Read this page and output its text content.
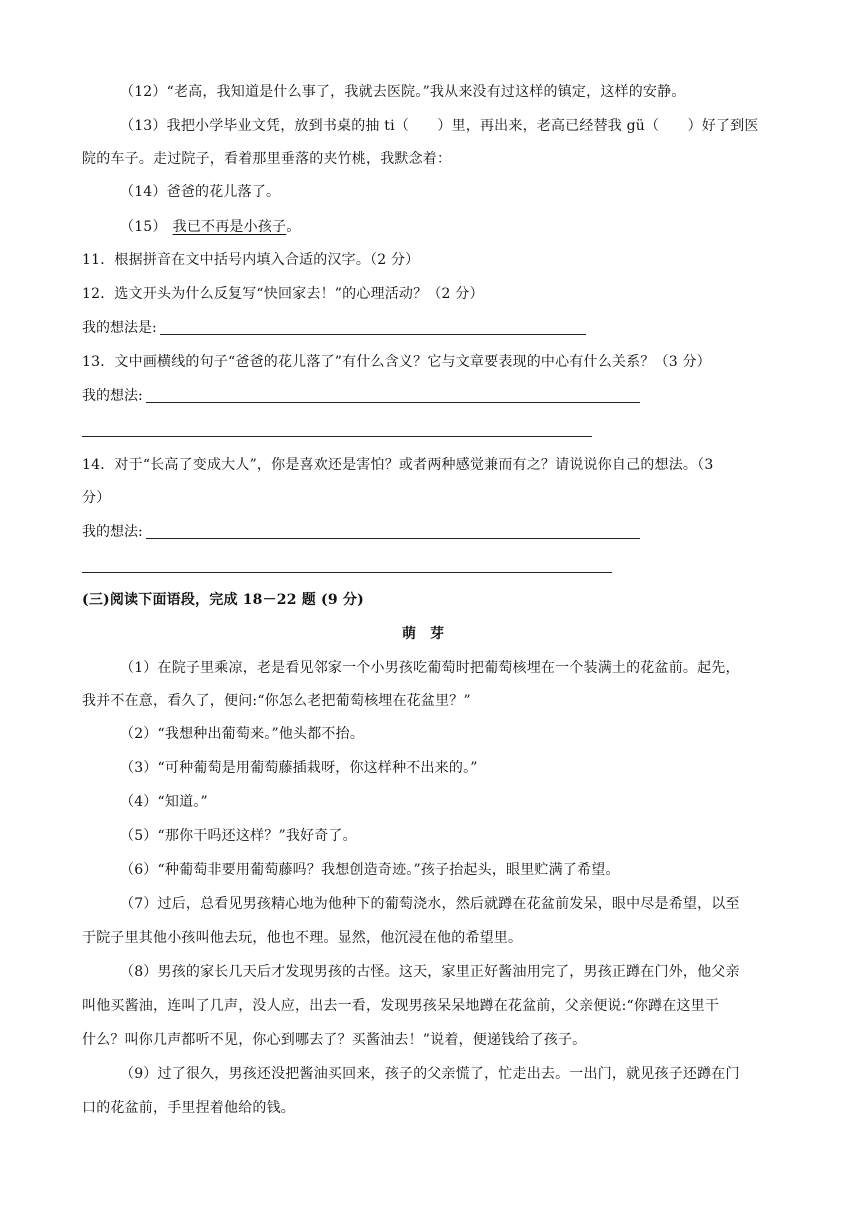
（12）“老高，我知道是什么事了，我就去医院。”我从来没有过这样的镇定，这样的安静。
（13）我把小学毕业文凭，放到书桌的抽 ti（　　）里，再出来，老高已经替我 gü（　　）好了到医
院的车子。走过院子，看着那里垂落的夹竹桃，我默念着：
（14）爸爸的花儿落了。
（15） 我已不再是小孩子。
11．根据拼音在文中括号内填入合适的汉字。（2 分）
12．选文开头为什么反复写“快回家去！”的心理活动？（2 分）
我的想法是:
13．文中画横线的句子“爸爸的花儿落了”有什么含义？它与文章要表现的中心有什么关系？（3 分）
我的想法:
14．对于“长高了变成大人”，你是喜欢还是害怕？或者两种感觉兼而有之？请说说你自己的想法。（3
分）
我的想法:
(三)阅读下面语段，完成 18－22 题 (9 分)
萌芽
（1）在院子里乘凉，老是看见邻家一个小男孩吃葡萄时把葡萄核埋在一个装满土的花盆前。起先，
我并不在意，看久了，便问:“你怎么老把葡萄核埋在花盆里？”
（2）“我想种出葡萄来。”他头都不抬。
（3）“可种葡萄是用葡萄藤插栽呀，你这样种不出来的。”
（4）“知道。”
（5）“那你干吗还这样？”我好奇了。
（6）“种葡萄非要用葡萄藤吗？我想创造奇迹。”孩子抬起头，眼里贮满了希望。
（7）过后，总看见男孩精心地为他种下的葡萄浇水，然后就蹲在花盆前发呆，眼中尽是希望，以至
于院子里其他小孩叫他去玩，他也不理。显然，他沉浸在他的希望里。
（8）男孩的家长几天后才发现男孩的古怪。这天，家里正好酱油用完了，男孩正蹲在门外，他父亲
叫他买酱油，连叫了几声，没人应，出去一看，发现男孩呆呆地蹲在花盆前，父亲便说:“你蹲在这里干
什么？叫你几声都听不见，你心到哪去了？买酱油去！”说着，便递钱给了孩子。
（9）过了很久，男孩还没把酱油买回来，孩子的父亲慌了，忙走出去。一出门，就见孩子还蹲在门
口的花盆前，手里捏着他给的钱。
